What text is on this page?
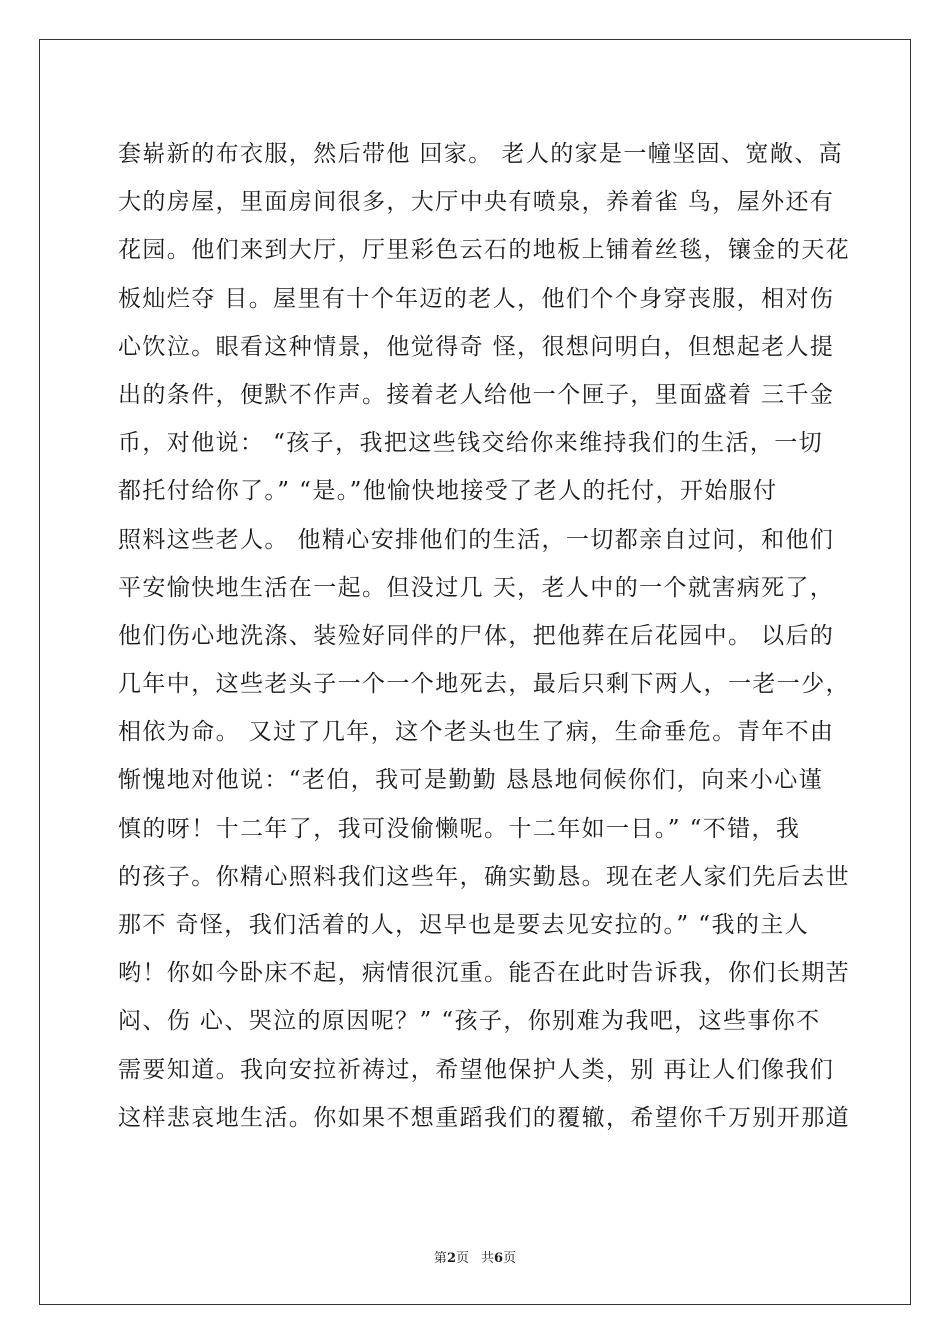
套崭新的布衣服，然后带他 回家。 老人的家是一幢坚固、宽敞、高
大的房屋，里面房间很多，大厅中央有喷泉，养着雀 鸟，屋外还有
花园。他们来到大厅，厅里彩色云石的地板上铺着丝毯，镶金的天花
板灿烂夺 目。屋里有十个年迈的老人，他们个个身穿丧服，相对伤
心饮泣。眼看这种情景，他觉得奇 怪，很想问明白，但想起老人提
出的条件，便默不作声。接着老人给他一个匣子，里面盛着 三千金
币，对他说： “孩子，我把这些钱交给你来维持我们的生活，一切
都托付给你了。” “是。”他愉快地接受了老人的托付，开始服付
照料这些老人。 他精心安排他们的生活，一切都亲自过问，和他们
平安愉快地生活在一起。但没过几 天，老人中的一个就害病死了，
他们伤心地洗涤、装殓好同伴的尸体，把他葬在后花园中。 以后的
几年中，这些老头子一个一个地死去，最后只剩下两人，一老一少，
相依为命。 又过了几年，这个老头也生了病，生命垂危。青年不由
惭愧地对他说：“老伯，我可是勤勤 恳恳地伺候你们，向来小心谨
慎的呀！十二年了，我可没偷懒呢。十二年如一日。” “不错，我
的孩子。你精心照料我们这些年，确实勤恳。现在老人家们先后去世
那不 奇怪，我们活着的人，迟早也是要去见安拉的。” “我的主人
哟！你如今卧床不起，病情很沉重。能否在此时告诉我，你们长期苦
闷、伤 心、哭泣的原因呢？” “孩子，你别难为我吧，这些事你不
需要知道。我向安拉祈祷过，希望他保护人类，别 再让人们像我们
这样悲哀地生活。你如果不想重蹈我们的覆辙，希望你千万别开那道
第2页 共6页
